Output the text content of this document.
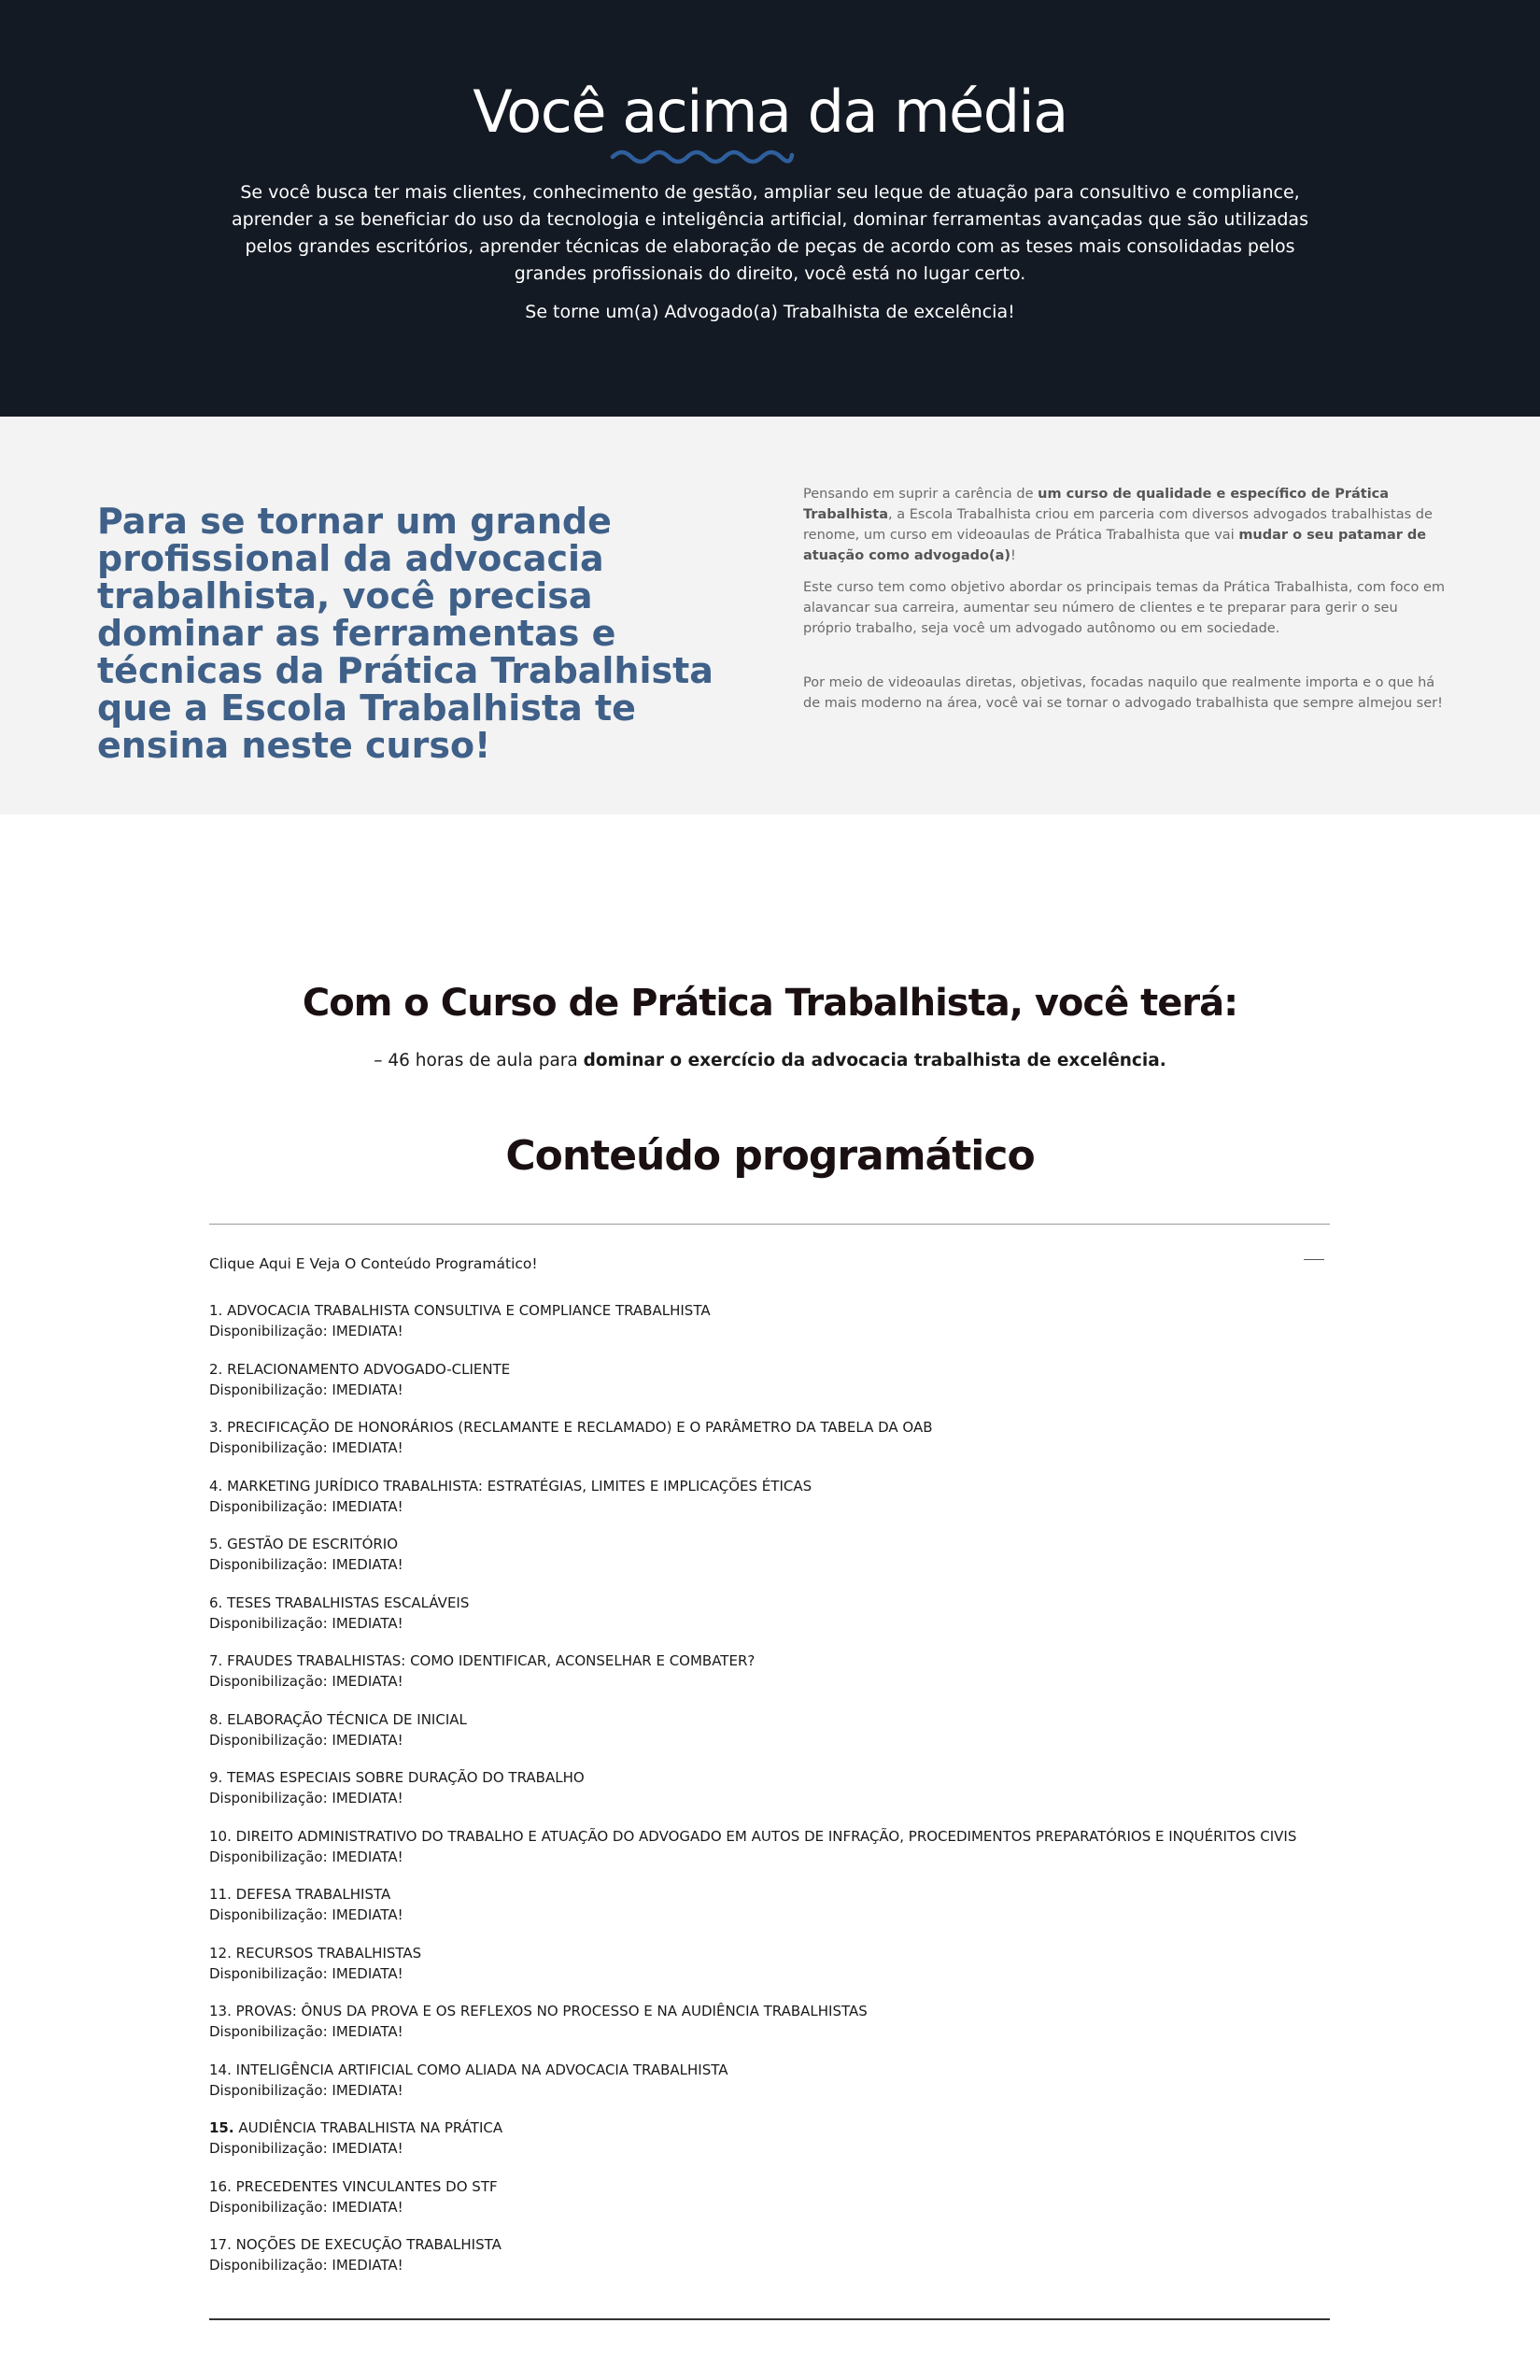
Você acima
da média

Se você busca ter mais clientes, conhecimento de gestão, ampliar seu leque de atuação para consultivo e compliance, aprender a se beneficiar do uso da tecnologia e inteligência artificial, dominar ferramentas avançadas que são utilizadas pelos grandes escritórios, aprender técnicas de elaboração de peças de acordo com as teses mais consolidadas pelos grandes profissionais do direito, você está no lugar certo.

Se torne um(a) Advogado(a) Trabalhista de excelência!

Para se tornar um grande profissional da advocacia trabalhista, você precisa dominar as ferramentas e técnicas da Prática Trabalhista que a Escola Trabalhista te ensina neste curso!

Pensando em suprir a carência de um curso de qualidade e específico de Prática Trabalhista, a Escola Trabalhista criou em parceria com diversos advogados trabalhistas de renome, um curso em videoaulas de Prática Trabalhista que vai mudar o seu patamar de atuação como advogado(a)!

Este curso tem como objetivo abordar os principais temas da Prática Trabalhista, com foco em alavancar sua carreira, aumentar seu número de clientes e te preparar para gerir o seu próprio trabalho, seja você um advogado autônomo ou em sociedade.

Por meio de videoaulas diretas, objetivas, focadas naquilo que realmente importa e o que há de mais moderno na área, você vai se tornar o advogado trabalhista que sempre almejou ser!

Com o Curso de Prática Trabalhista, você terá:

– 46 horas de aula para dominar o exercício da advocacia trabalhista de excelência.

Conteúdo programático
Clique Aqui E Veja O Conteúdo Programático!
1. ADVOCACIA TRABALHISTA CONSULTIVA E COMPLIANCE TRABALHISTA
Disponibilização: IMEDIATA!
2. RELACIONAMENTO ADVOGADO-CLIENTE
Disponibilização: IMEDIATA!
3. PRECIFICAÇÃO DE HONORÁRIOS (RECLAMANTE E RECLAMADO) E O PARÂMETRO DA TABELA DA OAB
Disponibilização: IMEDIATA!
4. MARKETING JURÍDICO TRABALHISTA: ESTRATÉGIAS, LIMITES E IMPLICAÇÕES ÉTICAS
Disponibilização: IMEDIATA!
5. GESTÃO DE ESCRITÓRIO
Disponibilização: IMEDIATA!
6. TESES TRABALHISTAS ESCALÁVEIS
Disponibilização: IMEDIATA!
7. FRAUDES TRABALHISTAS: COMO IDENTIFICAR, ACONSELHAR E COMBATER?
Disponibilização: IMEDIATA!
8. ELABORAÇÃO TÉCNICA DE INICIAL
Disponibilização: IMEDIATA!
9. TEMAS ESPECIAIS SOBRE DURAÇÃO DO TRABALHO
Disponibilização: IMEDIATA!
10. DIREITO ADMINISTRATIVO DO TRABALHO E ATUAÇÃO DO ADVOGADO EM AUTOS DE INFRAÇÃO, PROCEDIMENTOS PREPARATÓRIOS E INQUÉRITOS CIVIS
Disponibilização: IMEDIATA!
11. DEFESA TRABALHISTA
Disponibilização: IMEDIATA!
12. RECURSOS TRABALHISTAS
Disponibilização: IMEDIATA!
13. PROVAS: ÔNUS DA PROVA E OS REFLEXOS NO PROCESSO E NA AUDIÊNCIA TRABALHISTAS
Disponibilização: IMEDIATA!
14. INTELIGÊNCIA ARTIFICIAL COMO ALIADA NA ADVOCACIA TRABALHISTA
Disponibilização: IMEDIATA!
15. AUDIÊNCIA TRABALHISTA NA PRÁTICA
Disponibilização: IMEDIATA!
16. PRECEDENTES VINCULANTES DO STF
Disponibilização: IMEDIATA!
17. NOÇÕES DE EXECUÇÃO TRABALHISTA
Disponibilização: IMEDIATA!
